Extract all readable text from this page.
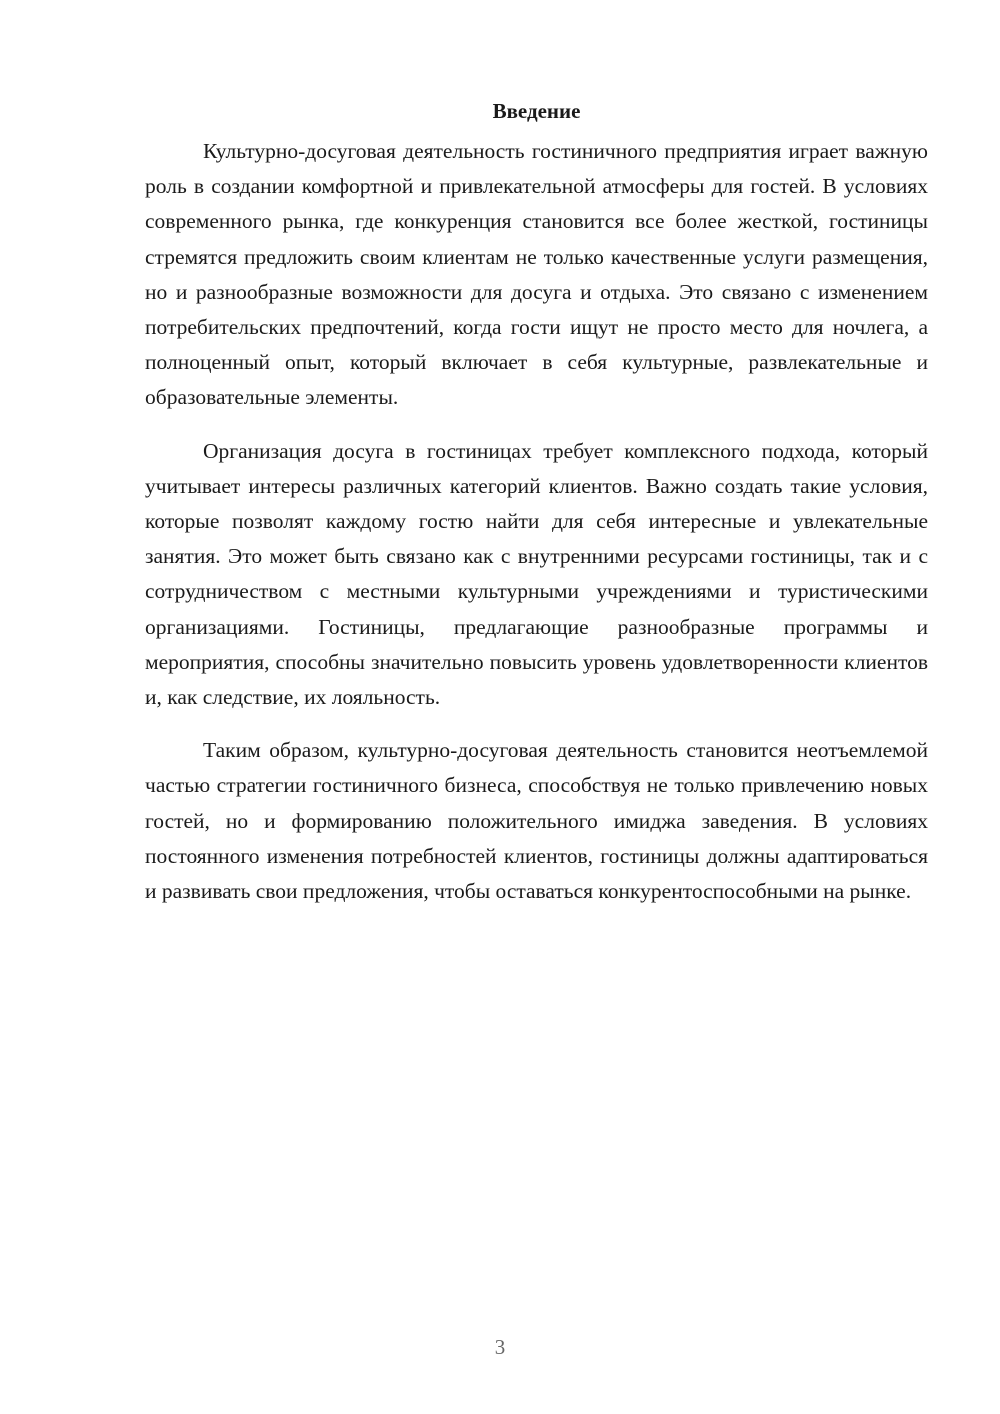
Введение

Культурно-досуговая деятельность гостиничного предприятия играет важную роль в создании комфортной и привлекательной атмосферы для гостей. В условиях современного рынка, где конкуренция становится все более жесткой, гостиницы стремятся предложить своим клиентам не только качественные услуги размещения, но и разнообразные возможности для досуга и отдыха. Это связано с изменением потребительских предпочтений, когда гости ищут не просто место для ночлега, а полноценный опыт, который включает в себя культурные, развлекательные и образовательные элементы.

Организация досуга в гостиницах требует комплексного подхода, который учитывает интересы различных категорий клиентов. Важно создать такие условия, которые позволят каждому гостю найти для себя интересные и увлекательные занятия. Это может быть связано как с внутренними ресурсами гостиницы, так и с сотрудничеством с местными культурными учреждениями и туристическими организациями. Гостиницы, предлагающие разнообразные программы и мероприятия, способны значительно повысить уровень удовлетворенности клиентов и, как следствие, их лояльность.

Таким образом, культурно-досуговая деятельность становится неотъемлемой частью стратегии гостиничного бизнеса, способствуя не только привлечению новых гостей, но и формированию положительного имиджа заведения. В условиях постоянного изменения потребностей клиентов, гостиницы должны адаптироваться и развивать свои предложения, чтобы оставаться конкурентоспособными на рынке.

3
